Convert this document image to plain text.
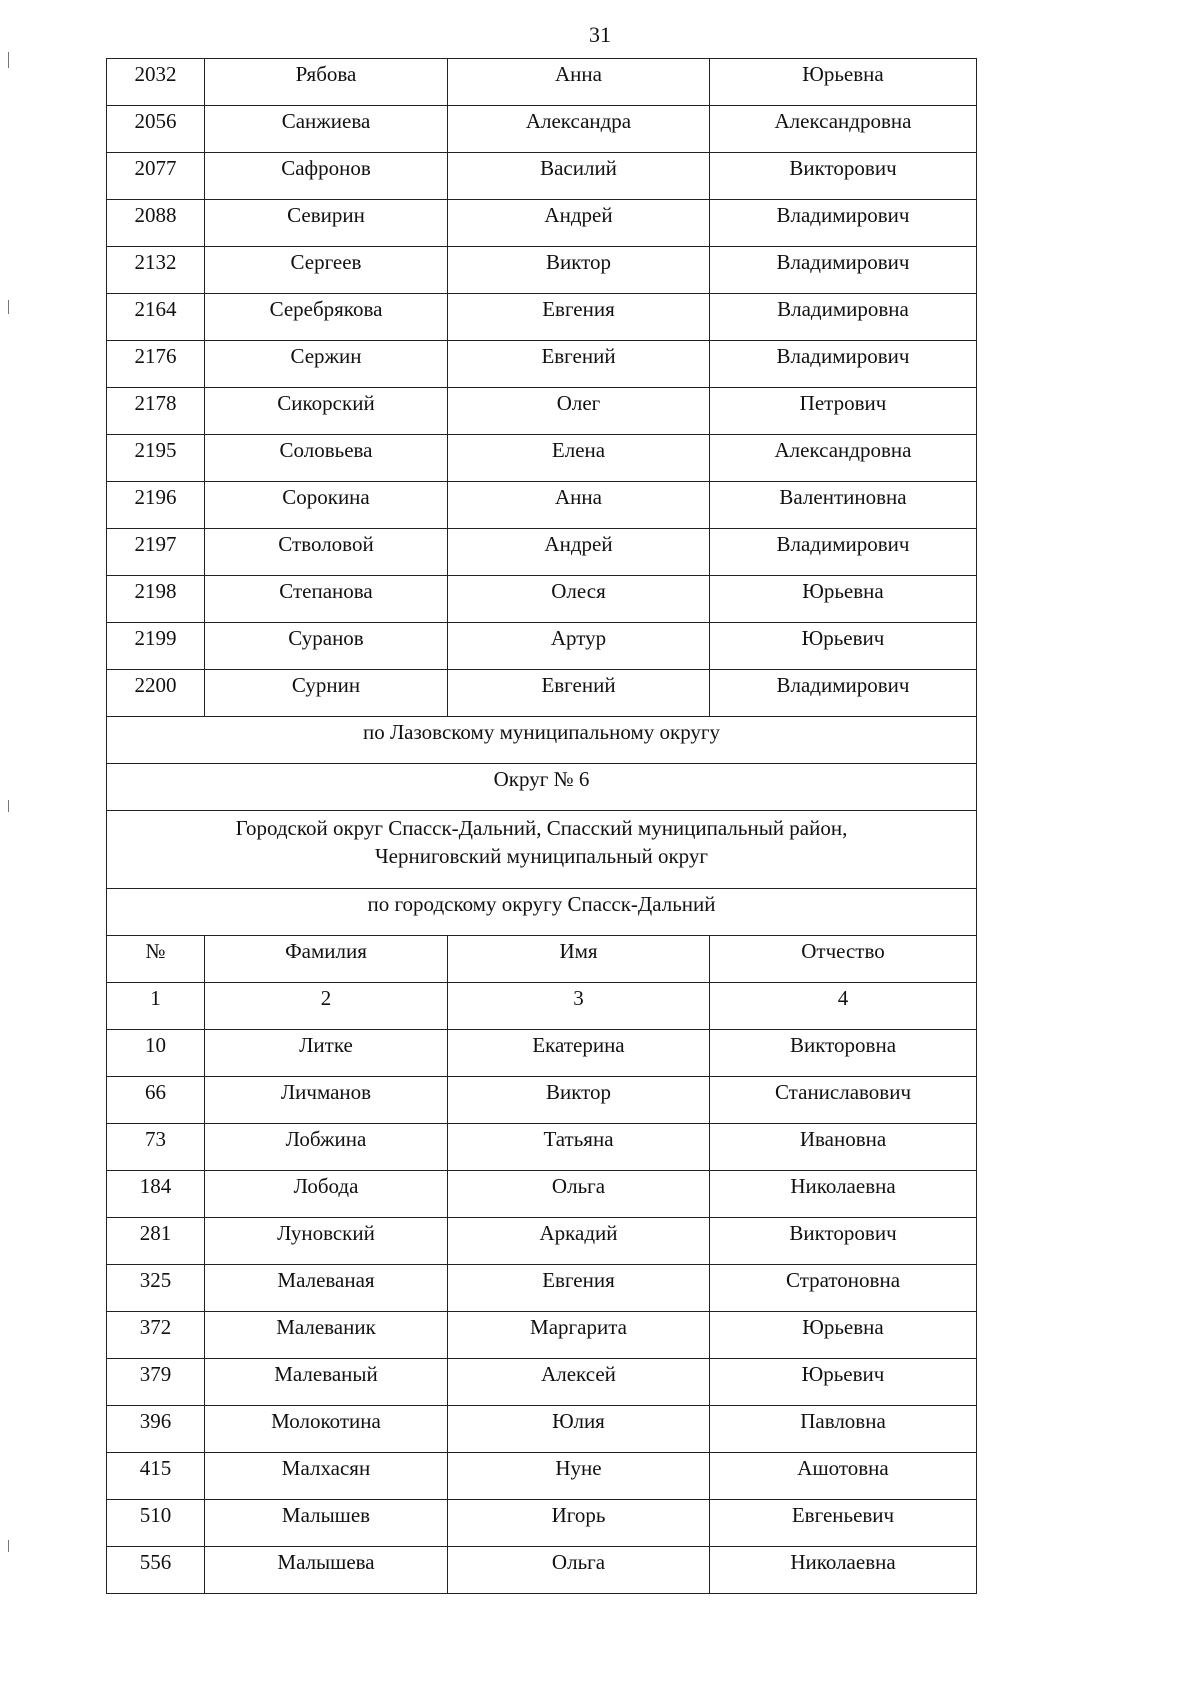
31
2032	Рябова	Анна	Юрьевна

2056	Санжиева	Александра	Александровна

2077	Сафронов	Василий	Викторович

2088	Севирин	Андрей	Владимирович

2132	Сергеев	Виктор	Владимирович

2164	Серебрякова	Евгения	Владимировна

2176	Сержин	Евгений	Владимирович

2178	Сикорский	Олег	Петрович

2195	Соловьева	Елена	Александровна

2196	Сорокина	Анна	Валентиновна

2197	Стволовой	Андрей	Владимирович

2198	Степанова	Олеся	Юрьевна

2199	Суранов	Артур	Юрьевич

2200	Сурнин	Евгений	Владимирович

по Лазовскому муниципальному округу			

Округ № 6			

Городской округ Спасск-Дальний, Спасский муниципальный район,
Черниговский муниципальный округ			

по городскому округу Спасск-Дальний			

№	Фамилия	Имя	Отчество

1	2	3	4

10	Литке	Екатерина	Викторовна

66	Личманов	Виктор	Станиславович

73	Лобжина	Татьяна	Ивановна

184	Лобода	Ольга	Николаевна

281	Луновский	Аркадий	Викторович

325	Малеваная	Евгения	Стратоновна

372	Малеваник	Маргарита	Юрьевна

379	Малеваный	Алексей	Юрьевич

396	Молокотина	Юлия	Павловна

415	Малхасян	Нуне	Ашотовна

510	Малышев	Игорь	Евгеньевич

556	Малышева	Ольга	Николаевна
